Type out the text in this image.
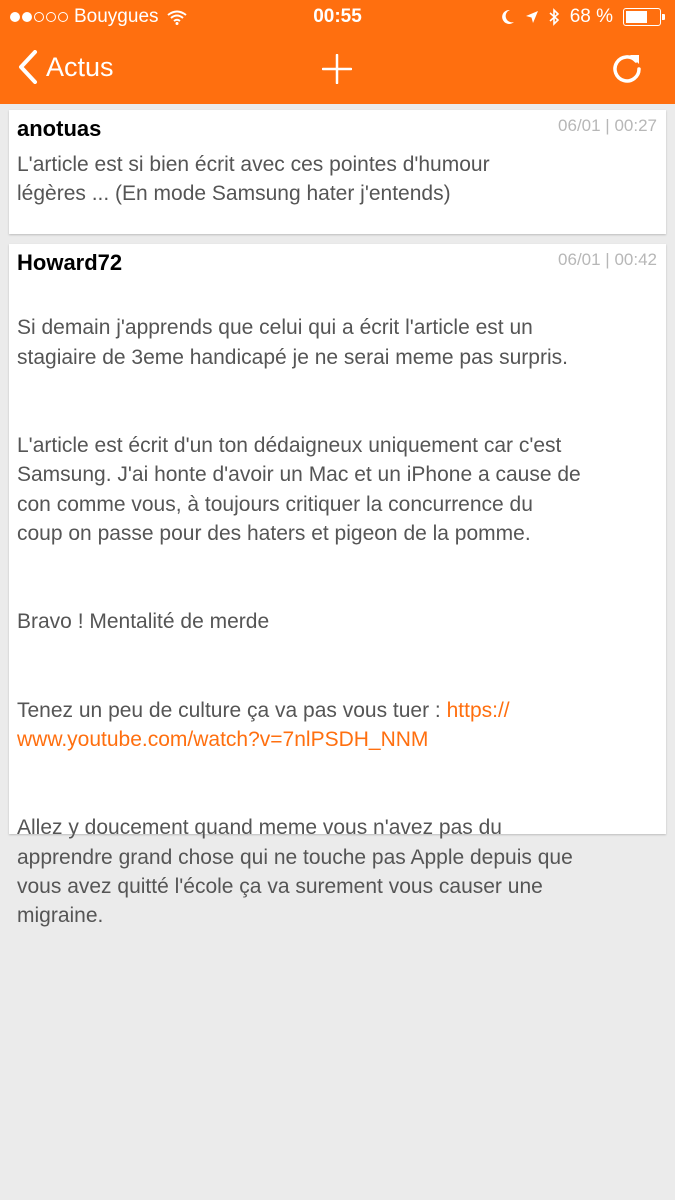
Bouygues	00:55	68 %
Actus
anotuas	06/01 | 00:27
L'article est si bien écrit avec ces pointes d'humour
légères ... (En mode Samsung hater j'entends)
Howard72	06/01 | 00:42

Si demain j'apprends que celui qui a écrit l'article est un
stagiaire de 3eme handicapé je ne serai meme pas surpris.

L'article est écrit d'un ton dédaigneux uniquement car c'est
Samsung. J'ai honte d'avoir un Mac et un iPhone a cause de
con comme vous, à toujours critiquer la concurrence du
coup on passe pour des haters et pigeon de la pomme.

Bravo ! Mentalité de merde

Tenez un peu de culture ça va pas vous tuer : https://
www.youtube.com/watch?v=7nlPSDH_NNM

Allez y doucement quand meme vous n'avez pas du
apprendre grand chose qui ne touche pas Apple depuis que
vous avez quitté l'école ça va surement vous causer une
migraine.
